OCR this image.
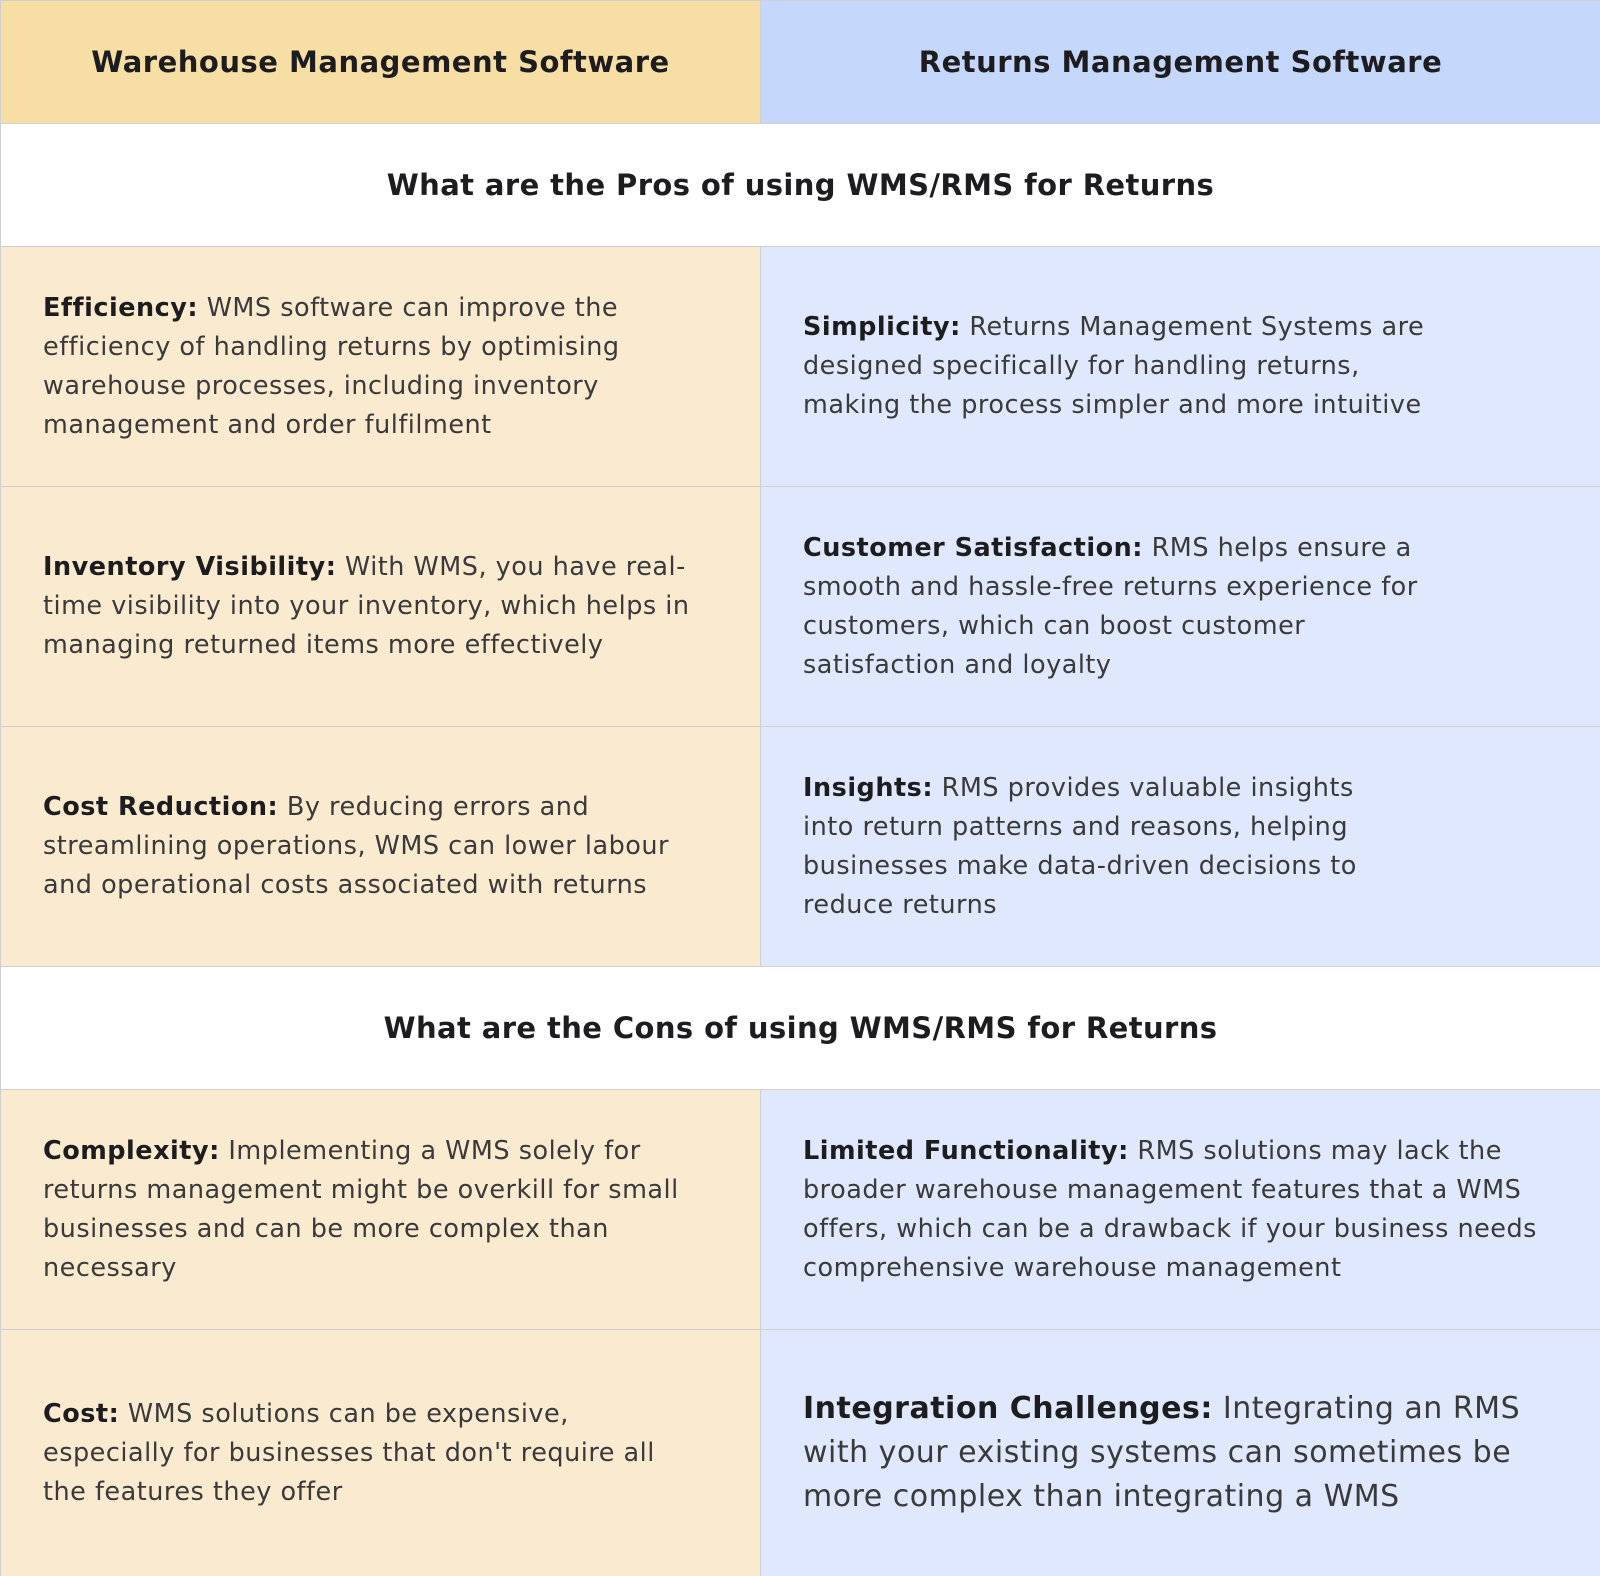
Warehouse Management Software	Returns Management Software
What are the Pros of using WMS/RMS for Returns

Efficiency: WMS software can improve the efficiency of handling returns by optimising warehouse processes, including inventory management and order fulfilment

Simplicity: Returns Management Systems are designed specifically for handling returns, making the process simpler and more intuitive

Inventory Visibility: With WMS, you have real-time visibility into your inventory, which helps in managing returned items more effectively

Customer Satisfaction: RMS helps ensure a smooth and hassle-free returns experience for customers, which can boost customer satisfaction and loyalty

Cost Reduction: By reducing errors and streamlining operations, WMS can lower labour and operational costs associated with returns

Insights: RMS provides valuable insights into return patterns and reasons, helping businesses make data-driven decisions to reduce returns

What are the Cons of using WMS/RMS for Returns

Complexity: Implementing a WMS solely for returns management might be overkill for small businesses and can be more complex than necessary

Limited Functionality: RMS solutions may lack the broader warehouse management features that a WMS offers, which can be a drawback if your business needs comprehensive warehouse management

Cost: WMS solutions can be expensive, especially for businesses that don't require all the features they offer

Integration Challenges: Integrating an RMS with your existing systems can sometimes be more complex than integrating a WMS
